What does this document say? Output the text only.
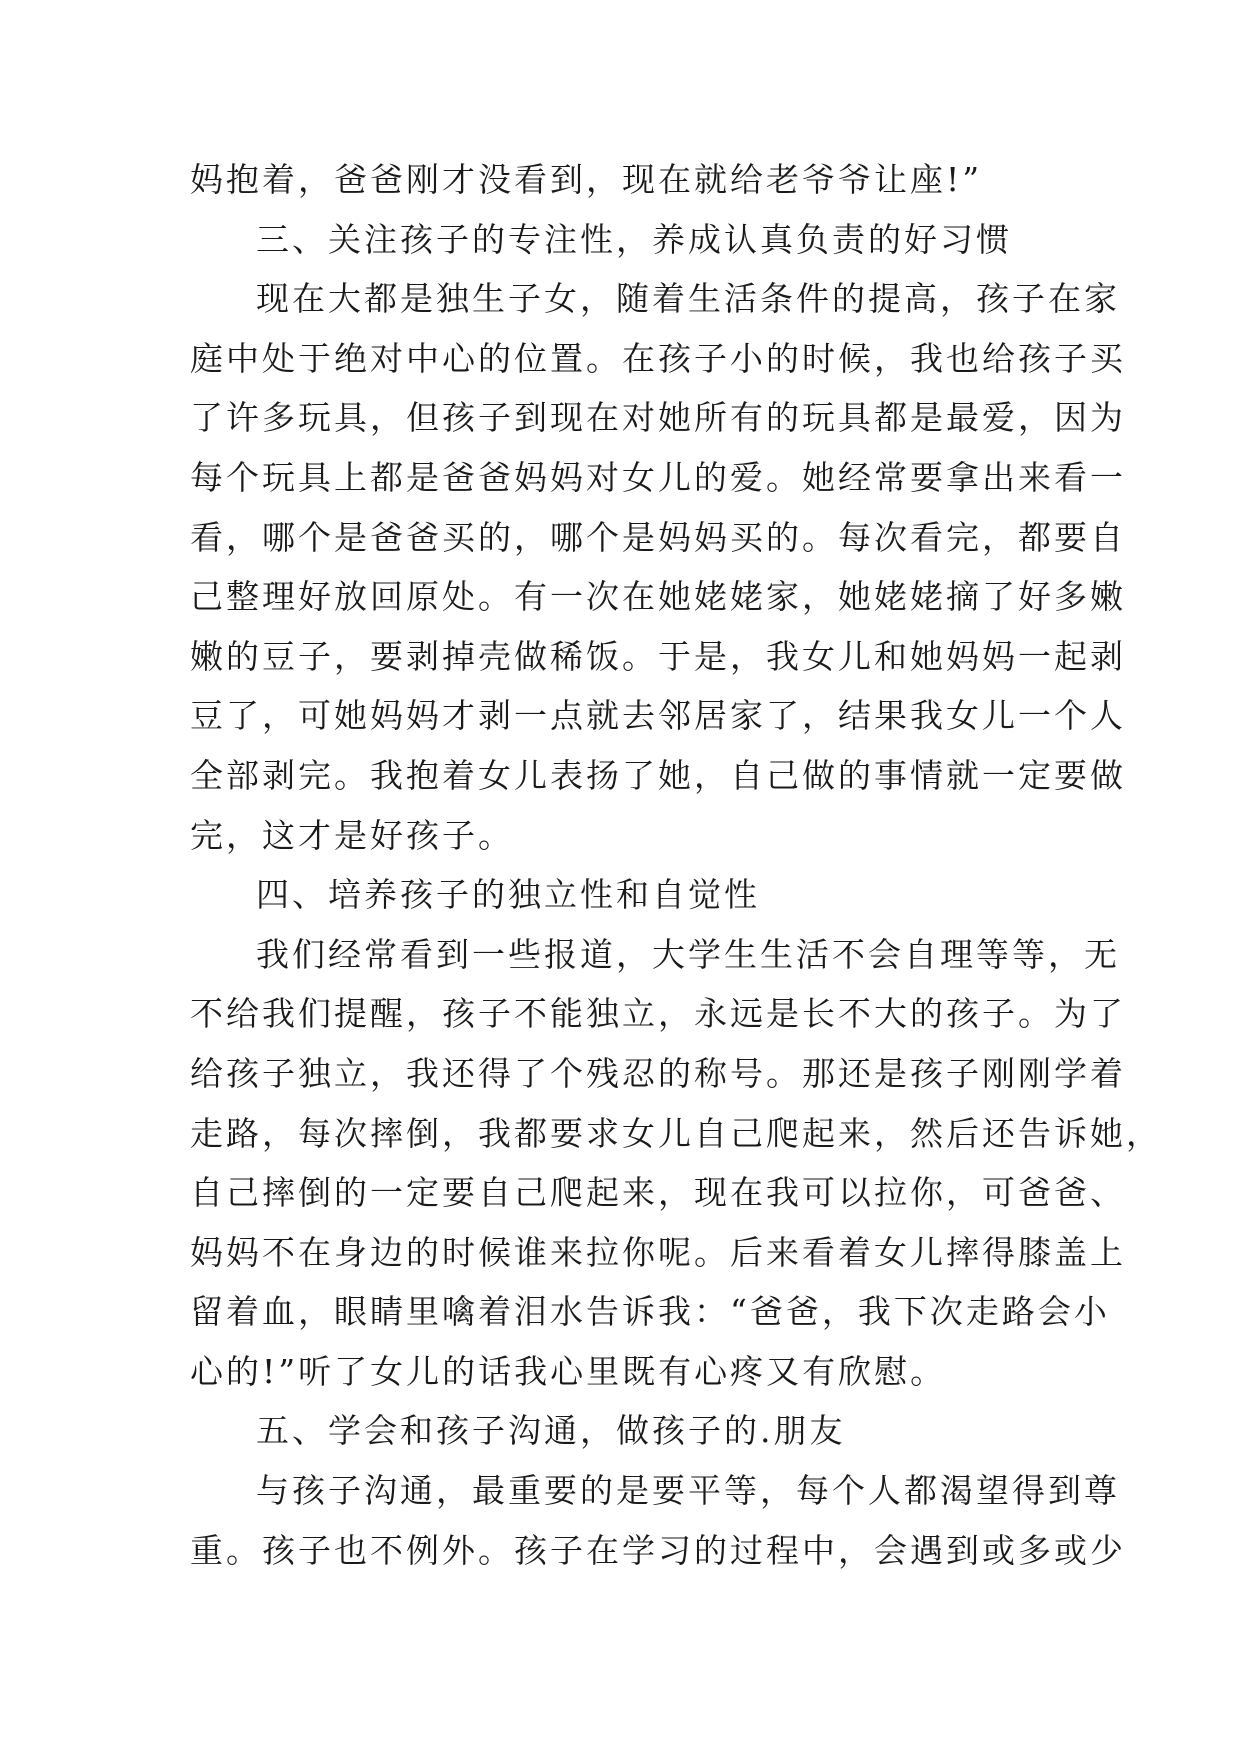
妈抱着，爸爸刚才没看到，现在就给老爷爷让座!”
三、关注孩子的专注性，养成认真负责的好习惯
现在大都是独生子女，随着生活条件的提高，孩子在家
庭中处于绝对中心的位置。在孩子小的时候，我也给孩子买
了许多玩具，但孩子到现在对她所有的玩具都是最爱，因为
每个玩具上都是爸爸妈妈对女儿的爱。她经常要拿出来看一
看，哪个是爸爸买的，哪个是妈妈买的。每次看完，都要自
己整理好放回原处。有一次在她姥姥家，她姥姥摘了好多嫩
嫩的豆子，要剥掉壳做稀饭。于是，我女儿和她妈妈一起剥
豆了，可她妈妈才剥一点就去邻居家了，结果我女儿一个人
全部剥完。我抱着女儿表扬了她，自己做的事情就一定要做
完，这才是好孩子。
四、培养孩子的独立性和自觉性
我们经常看到一些报道，大学生生活不会自理等等，无
不给我们提醒，孩子不能独立，永远是长不大的孩子。为了
给孩子独立，我还得了个残忍的称号。那还是孩子刚刚学着
走路，每次摔倒，我都要求女儿自己爬起来，然后还告诉她，
自己摔倒的一定要自己爬起来，现在我可以拉你，可爸爸、
妈妈不在身边的时候谁来拉你呢。后来看着女儿摔得膝盖上
留着血，眼睛里噙着泪水告诉我：“爸爸，我下次走路会小
心的!”听了女儿的话我心里既有心疼又有欣慰。
五、学会和孩子沟通，做孩子的.朋友
与孩子沟通，最重要的是要平等，每个人都渴望得到尊
重。孩子也不例外。孩子在学习的过程中，会遇到或多或少
